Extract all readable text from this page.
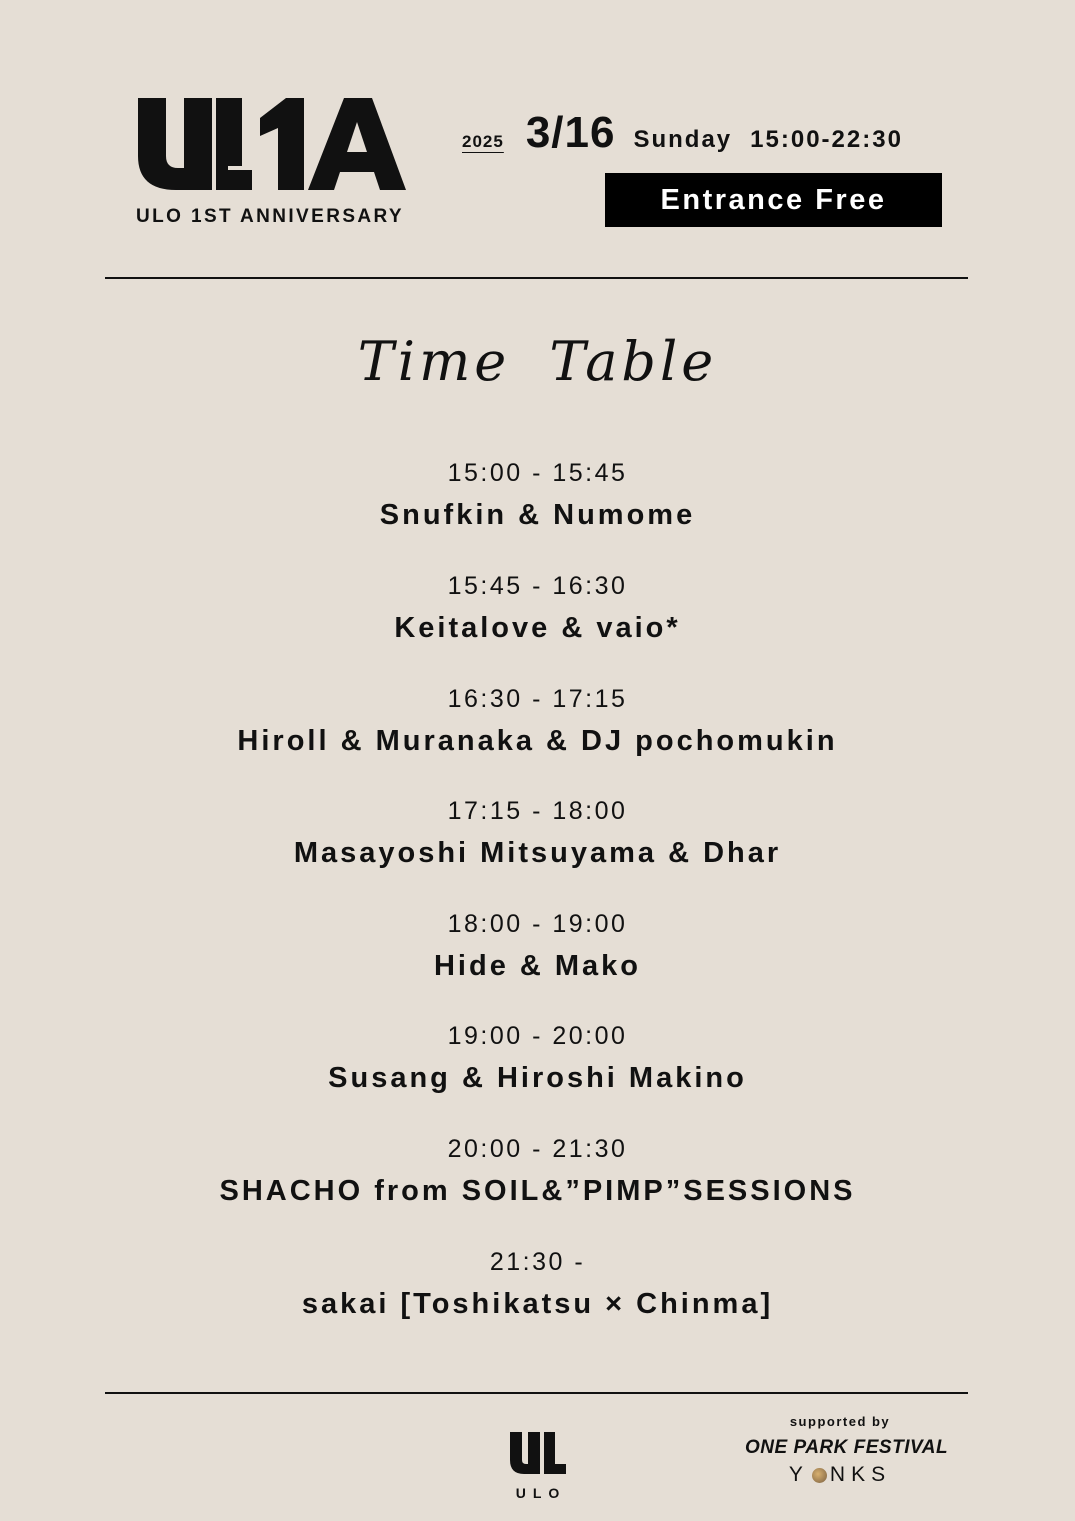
ULO 1ST ANNIVERSARY
2025 3/16 Sunday 15:00-22:30
Entrance Free
Time Table
15:00 - 15:45
Snufkin & Numome
15:45 - 16:30
Keitalove & vaio*
16:30 - 17:15
Hiroll & Muranaka & DJ pochomukin
17:15 - 18:00
Masayoshi Mitsuyama & Dhar
18:00 - 19:00
Hide & Mako
19:00 - 20:00
Susang & Hiroshi Makino
20:00 - 21:30
SHACHO from SOIL&”PIMP”SESSIONS
21:30 -
sakai [Toshikatsu × Chinma]
ULO
supported by
ONE PARK FESTIVAL
Y NKS
